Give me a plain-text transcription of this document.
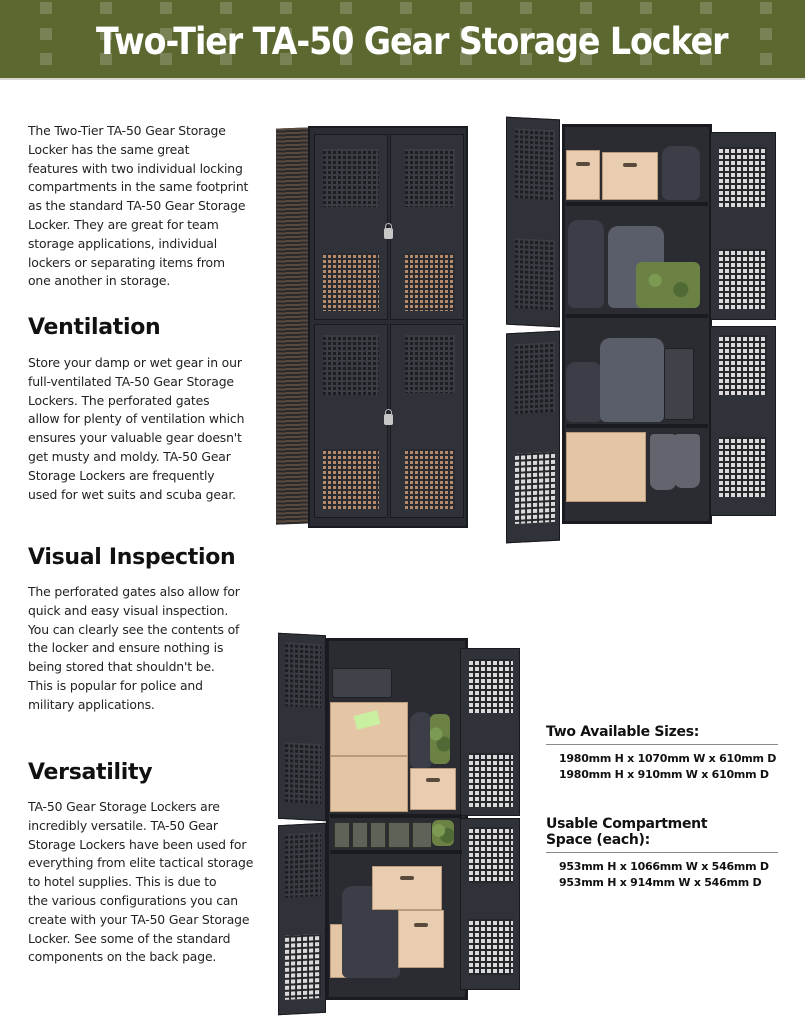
Two-Tier TA-50 Gear Storage Locker
The Two-Tier TA-50 Gear Storage
Locker has the same great
features with two individual locking
compartments in the same footprint
as the standard TA-50 Gear Storage
Locker. They are great for team
storage applications, individual
lockers or separating items from
one another in storage.
Ventilation
Store your damp or wet gear in our
full-ventilated TA-50 Gear Storage
Lockers. The perforated gates
allow for plenty of ventilation which
ensures your valuable gear doesn't
get musty and moldy. TA-50 Gear
Storage Lockers are frequently
used for wet suits and scuba gear.
Visual Inspection
The perforated gates also allow for
quick and easy visual inspection.
You can clearly see the contents of
the locker and ensure nothing is
being stored that shouldn't be.
This is popular for police and
military applications.
Versatility
TA-50 Gear Storage Lockers are
incredibly versatile. TA-50 Gear
Storage Lockers have been used for
everything from elite tactical storage
to hotel supplies. This is due to
the various configurations you can
create with your TA-50 Gear Storage
Locker. See some of the standard
components on the back page.
Two Available Sizes:
1980mm H x 1070mm W x 610mm D
1980mm H x 910mm W x 610mm D
Usable Compartment
Space (each):
953mm H x 1066mm W x 546mm D
953mm H x 914mm W x 546mm D
